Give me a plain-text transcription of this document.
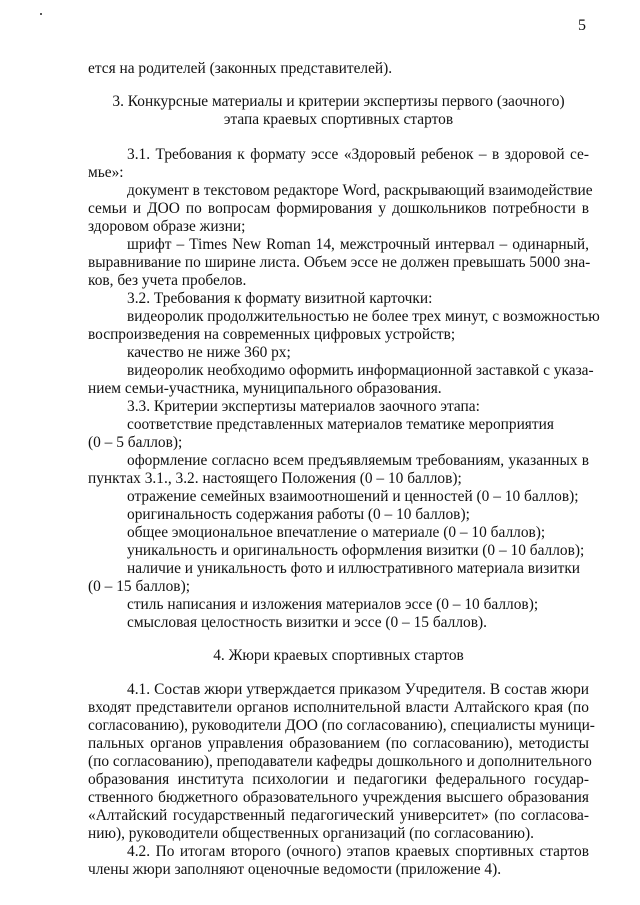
5
ется на родителей (законных представителей).
3. Конкурсные материалы и критерии экспертизы первого (заочного)
этапа краевых спортивных стартов
3.1. Требования к формату эссе «Здоровый ребенок – в здоровой се-
мье»:
документ в текстовом редакторе Word, раскрывающий взаимодействие
семьи и ДОО по вопросам формирования у дошкольников потребности в
здоровом образе жизни;
шрифт – Times New Roman 14, межстрочный интервал – одинарный,
выравнивание по ширине листа. Объем эссе не должен превышать 5000 зна-
ков, без учета пробелов.
3.2. Требования к формату визитной карточки:
видеоролик продолжительностью не более трех минут, с возможностью
воспроизведения на современных цифровых устройств;
качество не ниже 360 px;
видеоролик необходимо оформить информационной заставкой с указа-
нием семьи-участника, муниципального образования.
3.3. Критерии экспертизы материалов заочного этапа:
соответствие представленных материалов тематике мероприятия
(0 – 5 баллов);
оформление согласно всем предъявляемым требованиям, указанных в
пунктах 3.1., 3.2. настоящего Положения (0 – 10 баллов);
отражение семейных взаимоотношений и ценностей (0 – 10 баллов);
оригинальность содержания работы (0 – 10 баллов);
общее эмоциональное впечатление о материале (0 – 10 баллов);
уникальность и оригинальность оформления визитки (0 – 10 баллов);
наличие и уникальность фото и иллюстративного материала визитки
(0 – 15 баллов);
стиль написания и изложения материалов эссе (0 – 10 баллов);
смысловая целостность визитки и эссе (0 – 15 баллов).
4. Жюри краевых спортивных стартов
4.1. Состав жюри утверждается приказом Учредителя. В состав жюри
входят представители органов исполнительной власти Алтайского края (по
согласованию), руководители ДОО (по согласованию), специалисты муници-
пальных органов управления образованием (по согласованию), методисты
(по согласованию), преподаватели кафедры дошкольного и дополнительного
образования института психологии и педагогики федерального государ-
ственного бюджетного образовательного учреждения высшего образования
«Алтайский государственный педагогический университет» (по согласова-
нию), руководители общественных организаций (по согласованию).
4.2. По итогам второго (очного) этапов краевых спортивных стартов
члены жюри заполняют оценочные ведомости (приложение 4).
